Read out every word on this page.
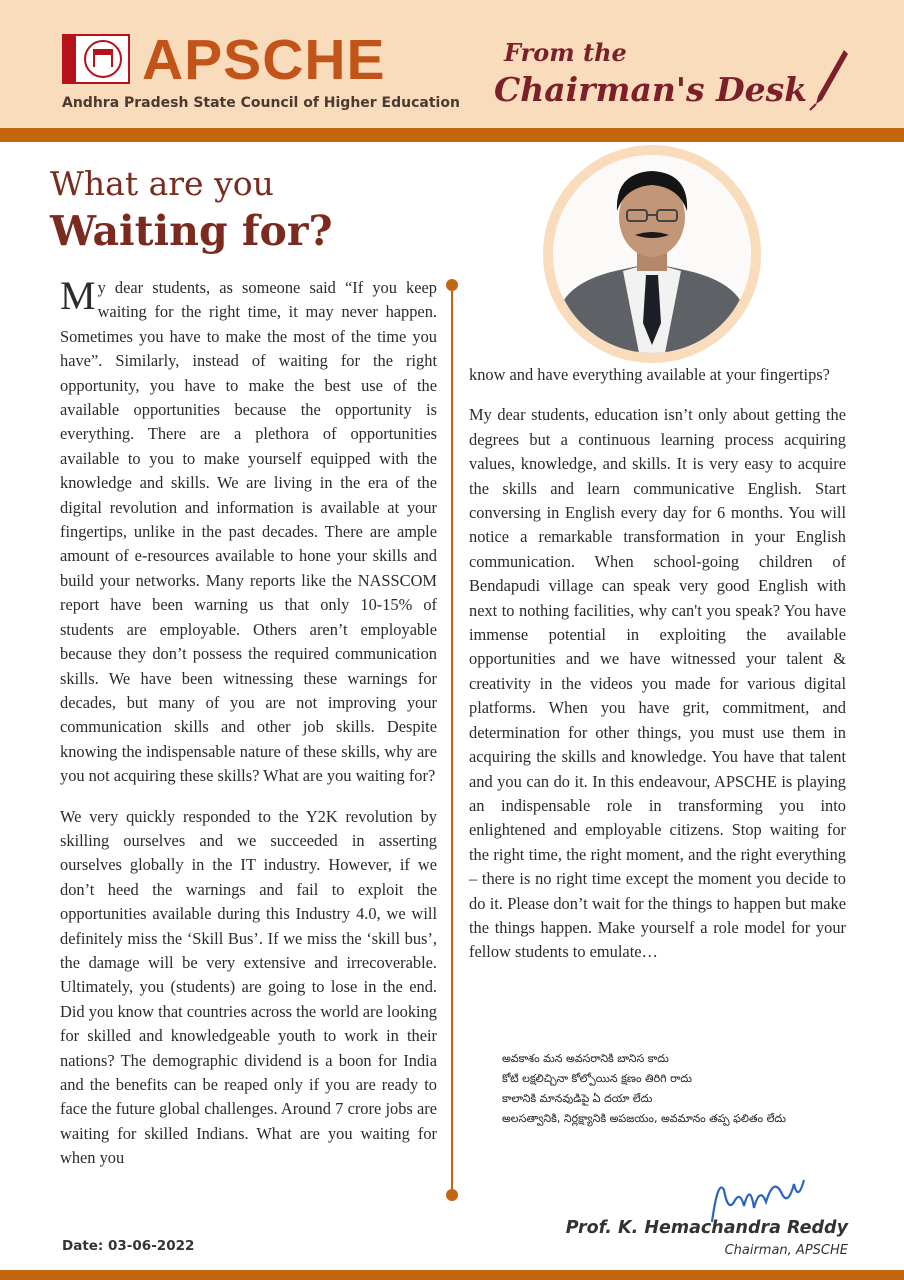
APSCHE
Andhra Pradesh State Council of Higher Education
From the
Chairman's Desk
What are you
Waiting for?

My dear students, as someone said “If you keep waiting for the right time, it may never happen. Sometimes you have to make the most of the time you have”. Similarly, instead of waiting for the right opportunity, you have to make the best use of the available opportunities because the opportunity is everything. There are a plethora of opportunities available to you to make yourself equipped with the knowledge and skills. We are living in the era of the digital revolution and information is available at your fingertips, unlike in the past decades. There are ample amount of e-resources available to hone your skills and build your networks. Many reports like the NASSCOM report have been warning us that only 10-15% of students are employable. Others aren’t employable because they don’t possess the required communication skills. We have been witnessing these warnings for decades, but many of you are not improving your communication skills and other job skills. Despite knowing the indispensable nature of these skills, why are you not acquiring these skills? What are you waiting for?

We very quickly responded to the Y2K revolution by skilling ourselves and we succeeded in asserting ourselves globally in the IT industry. However, if we don’t heed the warnings and fail to exploit the opportunities available during this Industry 4.0, we will definitely miss the ‘Skill Bus’. If we miss the ‘skill bus’, the damage will be very extensive and irrecoverable. Ultimately, you (students) are going to lose in the end. Did you know that countries across the world are looking for skilled and knowledgeable youth to work in their nations? The demographic dividend is a boon for India and the benefits can be reaped only if you are ready to face the future global challenges. Around 7 crore jobs are waiting for skilled Indians. What are you waiting for when you

know and have everything available at your fingertips?

My dear students, education isn’t only about getting the degrees but a continuous learning process acquiring values, knowledge, and skills. It is very easy to acquire the skills and learn communicative English. Start conversing in English every day for 6 months. You will notice a remarkable transformation in your English communication. When school-going children of Bendapudi village can speak very good English with next to nothing facilities, why can't you speak? You have immense potential in exploiting the available opportunities and we have witnessed your talent & creativity in the videos you made for various digital platforms. When you have grit, commitment, and determination for other things, you must use them in acquiring the skills and knowledge. You have that talent and you can do it. In this endeavour, APSCHE is playing an indispensable role in transforming you into enlightened and employable citizens. Stop waiting for the right time, the right moment, and the right everything – there is no right time except the moment you decide to do it. Please don’t wait for the things to happen but make the things happen. Make yourself a role model for your fellow students to emulate…

అవకాశం మన అవసరానికి బానిస కాదు
కోటి లక్షలిచ్చినా కోల్పోయిన క్షణం తిరిగి రాదు
కాలానికి మానవుడిపై ఏ దయా లేదు
అలసత్వానికి, నిర్లక్ష్యానికి అపజయం, అవమానం తప్ప ఫలితం లేదు
Prof. K. Hemachandra Reddy
Chairman, APSCHE
Date: 03-06-2022
